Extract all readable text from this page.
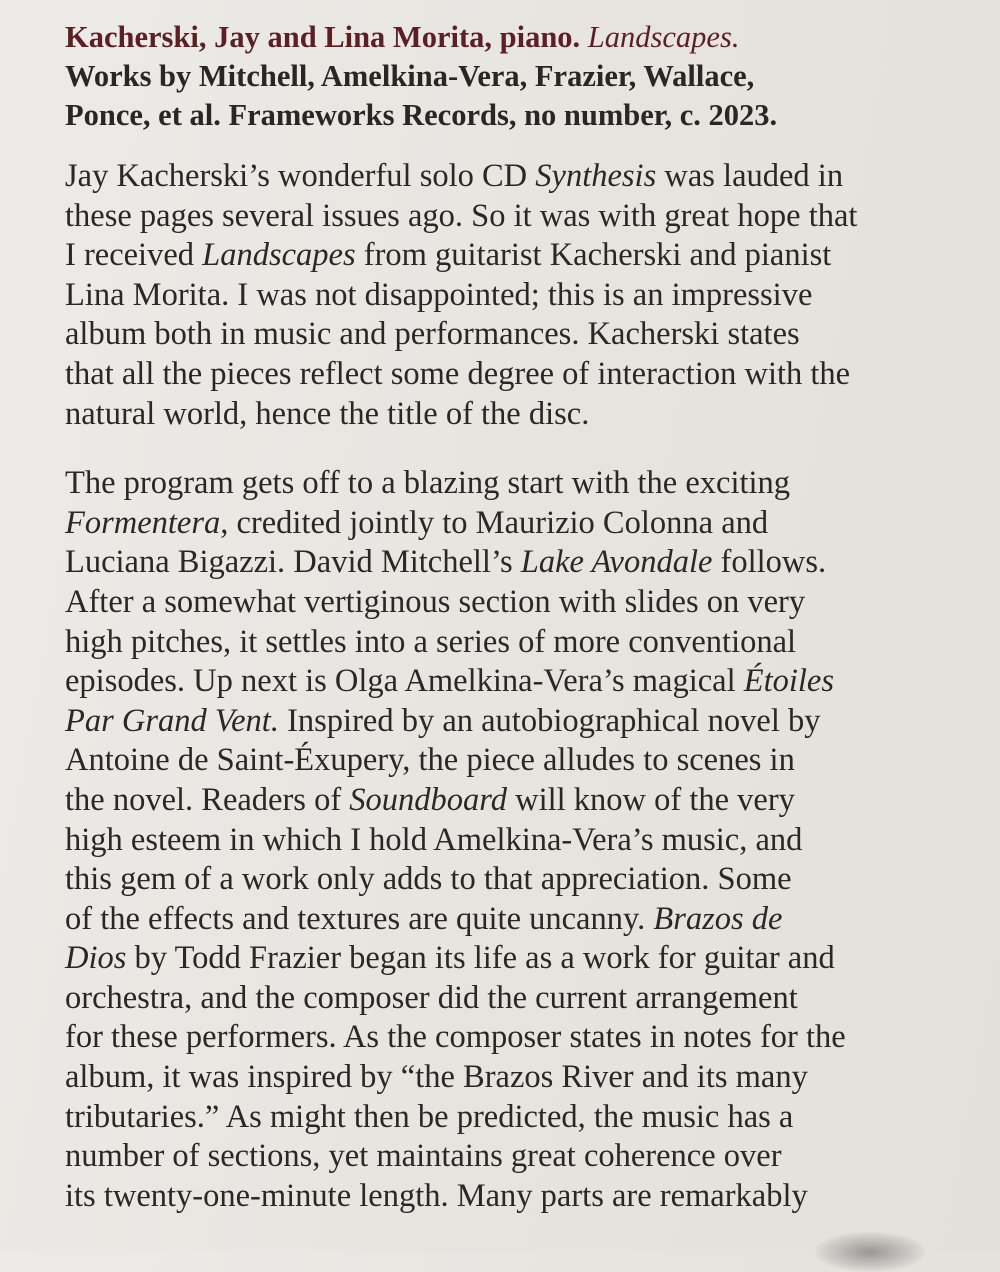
Kacherski, Jay and Lina Morita, piano. Landscapes.
Works by Mitchell, Amelkina-Vera, Frazier, Wallace,
Ponce, et al. Frameworks Records, no number, c. 2023.
Jay Kacherski’s wonderful solo CD Synthesis was lauded in
these pages several issues ago. So it was with great hope that
I received Landscapes from guitarist Kacherski and pianist
Lina Morita. I was not disappointed; this is an impressive
album both in music and performances. Kacherski states
that all the pieces reflect some degree of interaction with the
natural world, hence the title of the disc.
The program gets off to a blazing start with the exciting
Formentera, credited jointly to Maurizio Colonna and
Luciana Bigazzi. David Mitchell’s Lake Avondale follows.
After a somewhat vertiginous section with slides on very
high pitches, it settles into a series of more conventional
episodes. Up next is Olga Amelkina-Vera’s magical Étoiles
Par Grand Vent. Inspired by an autobiographical novel by
Antoine de Saint-Éxupery, the piece alludes to scenes in
the novel. Readers of Soundboard will know of the very
high esteem in which I hold Amelkina-Vera’s music, and
this gem of a work only adds to that appreciation. Some
of the effects and textures are quite uncanny. Brazos de
Dios by Todd Frazier began its life as a work for guitar and
orchestra, and the composer did the current arrangement
for these performers. As the composer states in notes for the
album, it was inspired by “the Brazos River and its many
tributaries.” As might then be predicted, the music has a
number of sections, yet maintains great coherence over
its twenty-one-minute length. Many parts are remarkably
